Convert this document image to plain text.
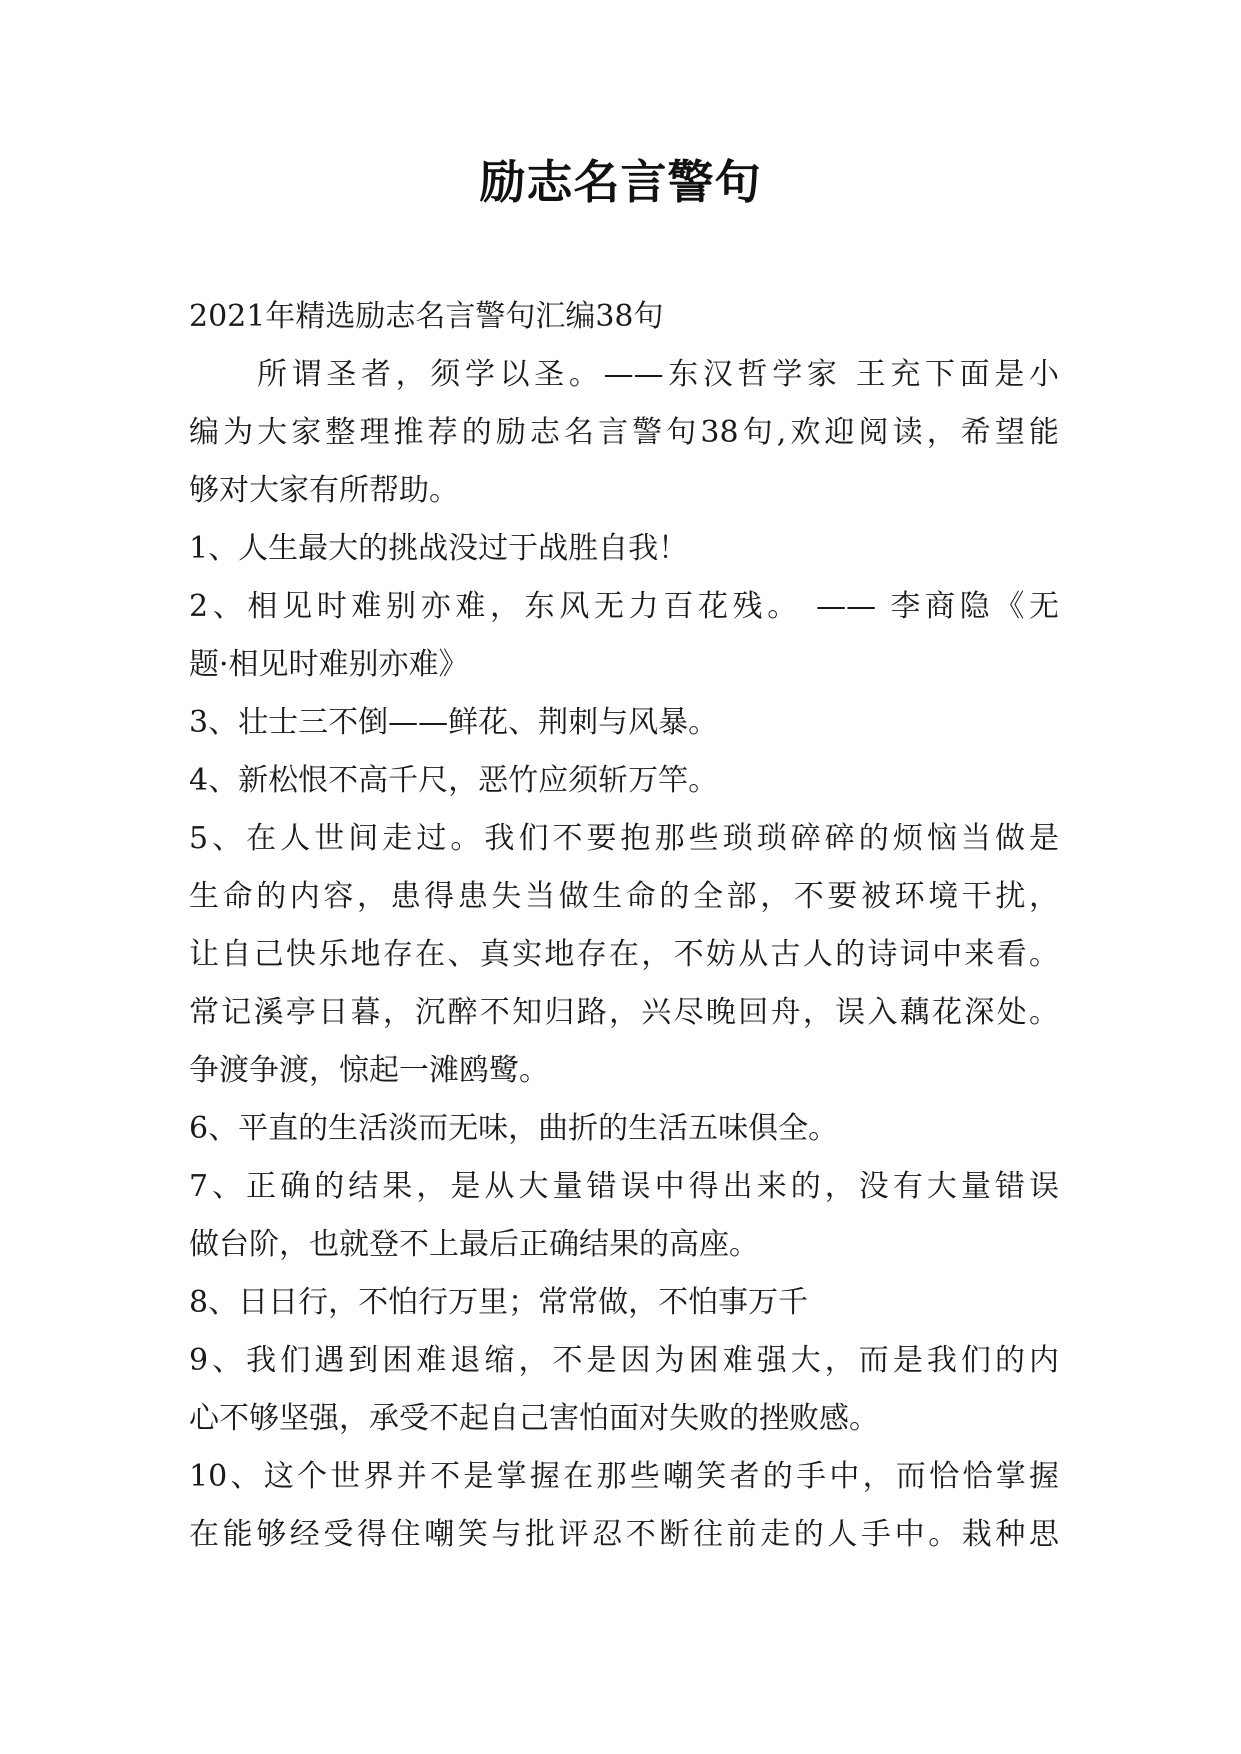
励志名言警句
2021年精选励志名言警句汇编38句
所谓圣者，须学以圣。——东汉哲学家 王充下面是小
编为大家整理推荐的励志名言警句38句,欢迎阅读，希望能
够对大家有所帮助。
1、人生最大的挑战没过于战胜自我！
2、相见时难别亦难，东风无力百花残。 —— 李商隐《无
题·相见时难别亦难》
3、壮士三不倒——鲜花、荆刺与风暴。
4、新松恨不高千尺，恶竹应须斩万竿。
5、在人世间走过。我们不要抱那些琐琐碎碎的烦恼当做是
生命的内容，患得患失当做生命的全部，不要被环境干扰，
让自己快乐地存在、真实地存在，不妨从古人的诗词中来看。
常记溪亭日暮，沉醉不知归路，兴尽晚回舟，误入藕花深处。
争渡争渡，惊起一滩鸥鹭。
6、平直的生活淡而无味，曲折的生活五味俱全。
7、正确的结果，是从大量错误中得出来的，没有大量错误
做台阶，也就登不上最后正确结果的高座。
8、日日行，不怕行万里；常常做，不怕事万千
9、我们遇到困难退缩，不是因为困难强大，而是我们的内
心不够坚强，承受不起自己害怕面对失败的挫败感。
10、这个世界并不是掌握在那些嘲笑者的手中，而恰恰掌握
在能够经受得住嘲笑与批评忍不断往前走的人手中。栽种思
